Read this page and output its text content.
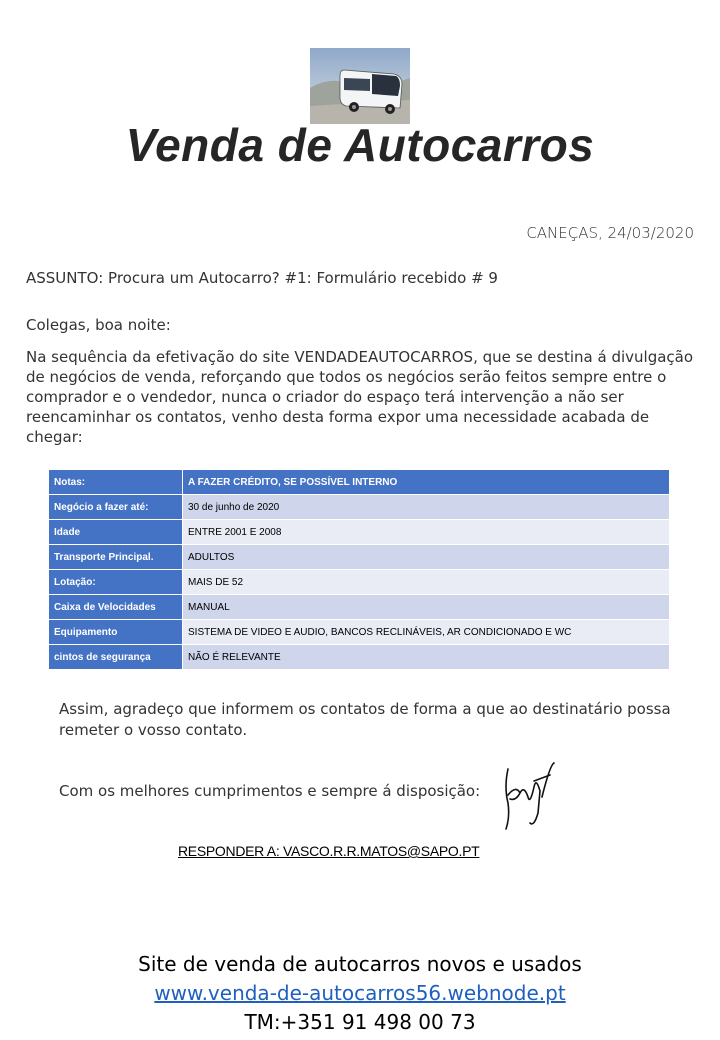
Venda de Autocarros
CANEÇAS, 24/03/2020
ASSUNTO: Procura um Autocarro? #1: Formulário recebido # 9
Colegas, boa noite:
Na sequência da efetivação do site VENDADEAUTOCARROS, que se destina á divulgação de negócios de venda, reforçando que todos os negócios serão feitos sempre entre o comprador e o vendedor, nunca o criador do espaço terá intervenção a não ser reencaminhar os contatos, venho desta forma expor uma necessidade acabada de chegar:
Notas:	A FAZER CRÉDITO, SE POSSÍVEL INTERNO
Negócio a fazer até:	30 de junho de 2020
Idade	ENTRE 2001 E 2008
Transporte Principal.	ADULTOS
Lotação:	MAIS DE 52
Caixa de Velocidades	MANUAL
Equipamento	SISTEMA DE VIDEO E AUDIO, BANCOS RECLINÁVEIS, AR CONDICIONADO E WC
cintos de segurança	NÃO É RELEVANTE
Assim, agradeço que informem os contatos de forma a que ao destinatário possa remeter o vosso contato.
Com os melhores cumprimentos e sempre á disposição:
RESPONDER A: VASCO.R.R.MATOS@SAPO.PT
Site de venda de autocarros novos e usados
www.venda-de-autocarros56.webnode.pt
TM:+351 91 498 00 73
